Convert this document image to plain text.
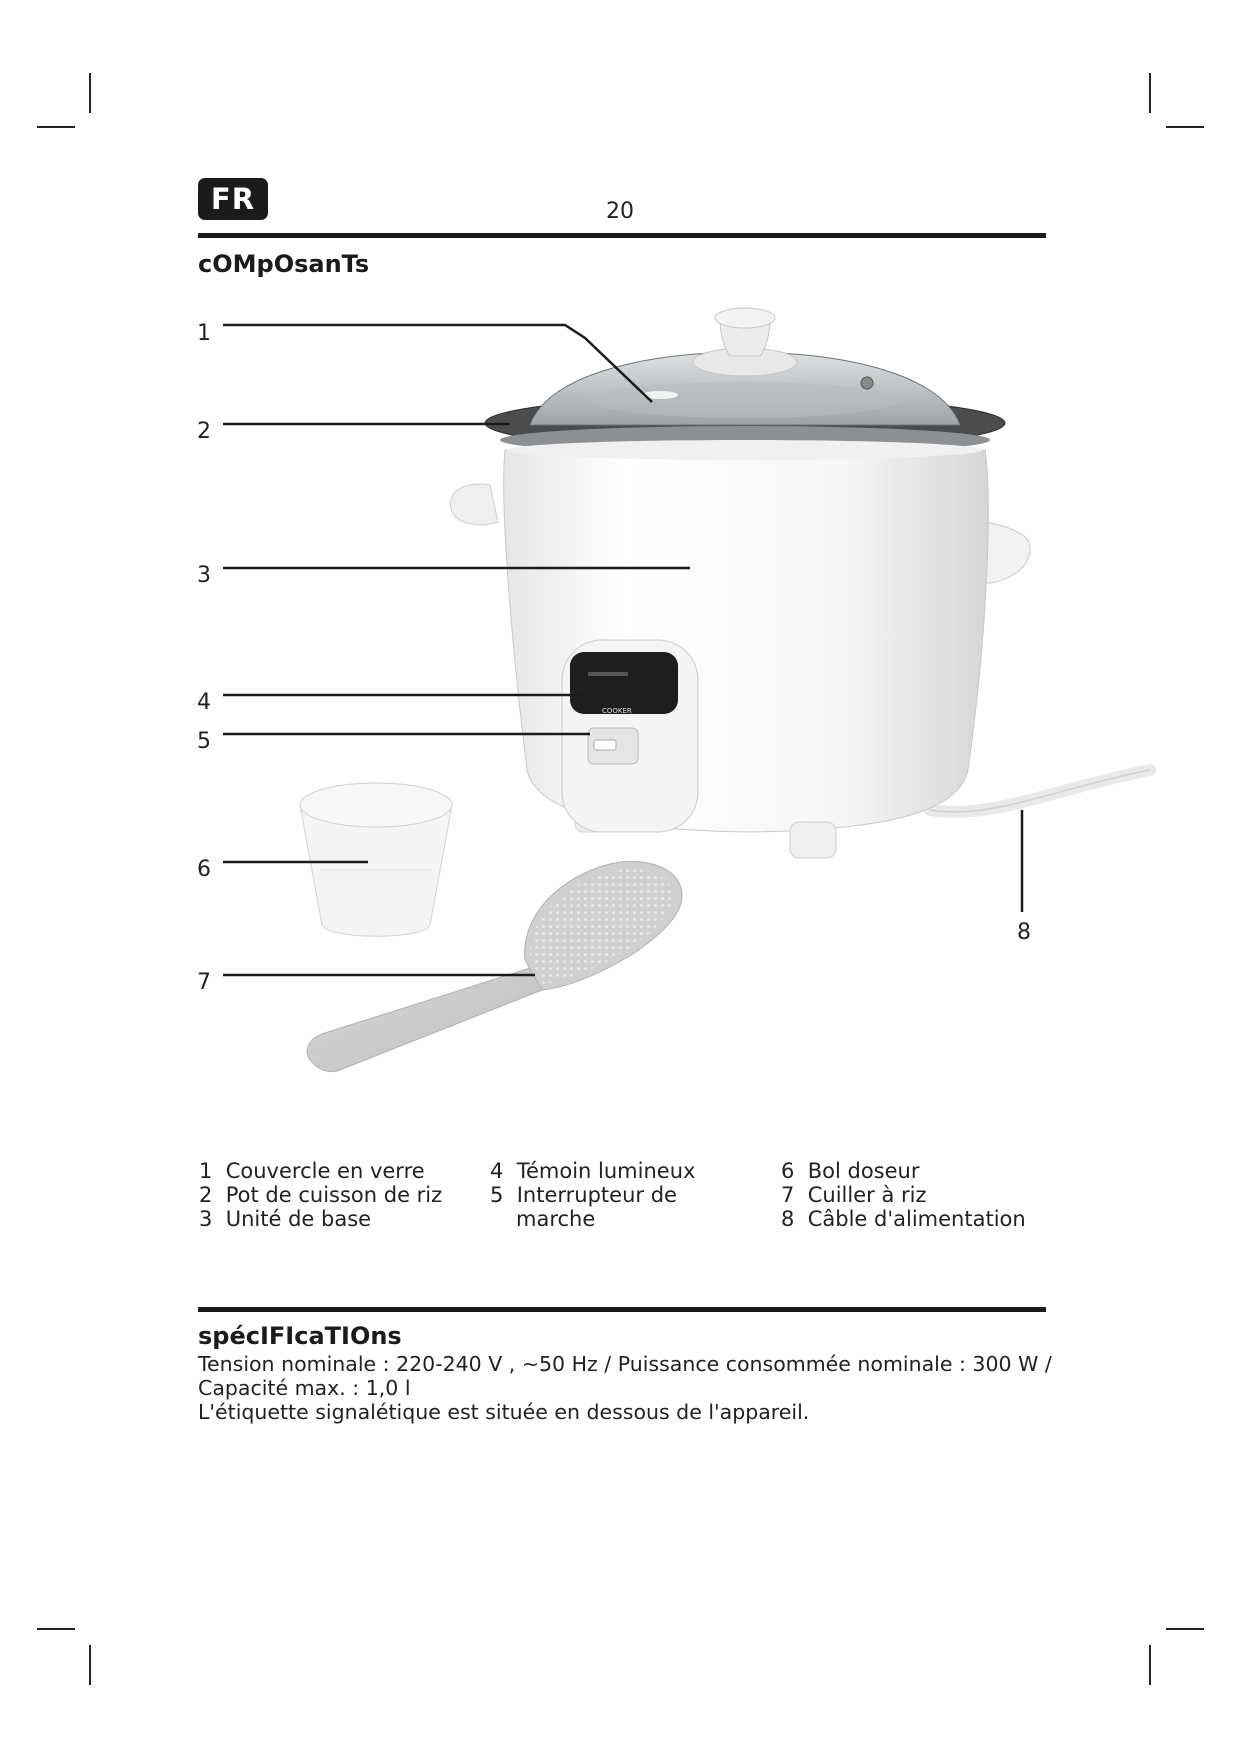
FR	20
cOMpOsanTs
COOKER
1
2
3
4
5
6
7
8
1 Couvercle en verre
2 Pot de cuisson de riz
3 Unité de base
4 Témoin lumineux
5 Interrupteur de
marche
6 Bol doseur
7 Cuiller à riz
8 Câble d'alimentation
spécIFIcaTIOns
Tension nominale : 220-240 V , ~50 Hz / Puissance consommée nominale : 300 W /
Capacité max. : 1,0 l
L'étiquette signalétique est située en dessous de l'appareil.
